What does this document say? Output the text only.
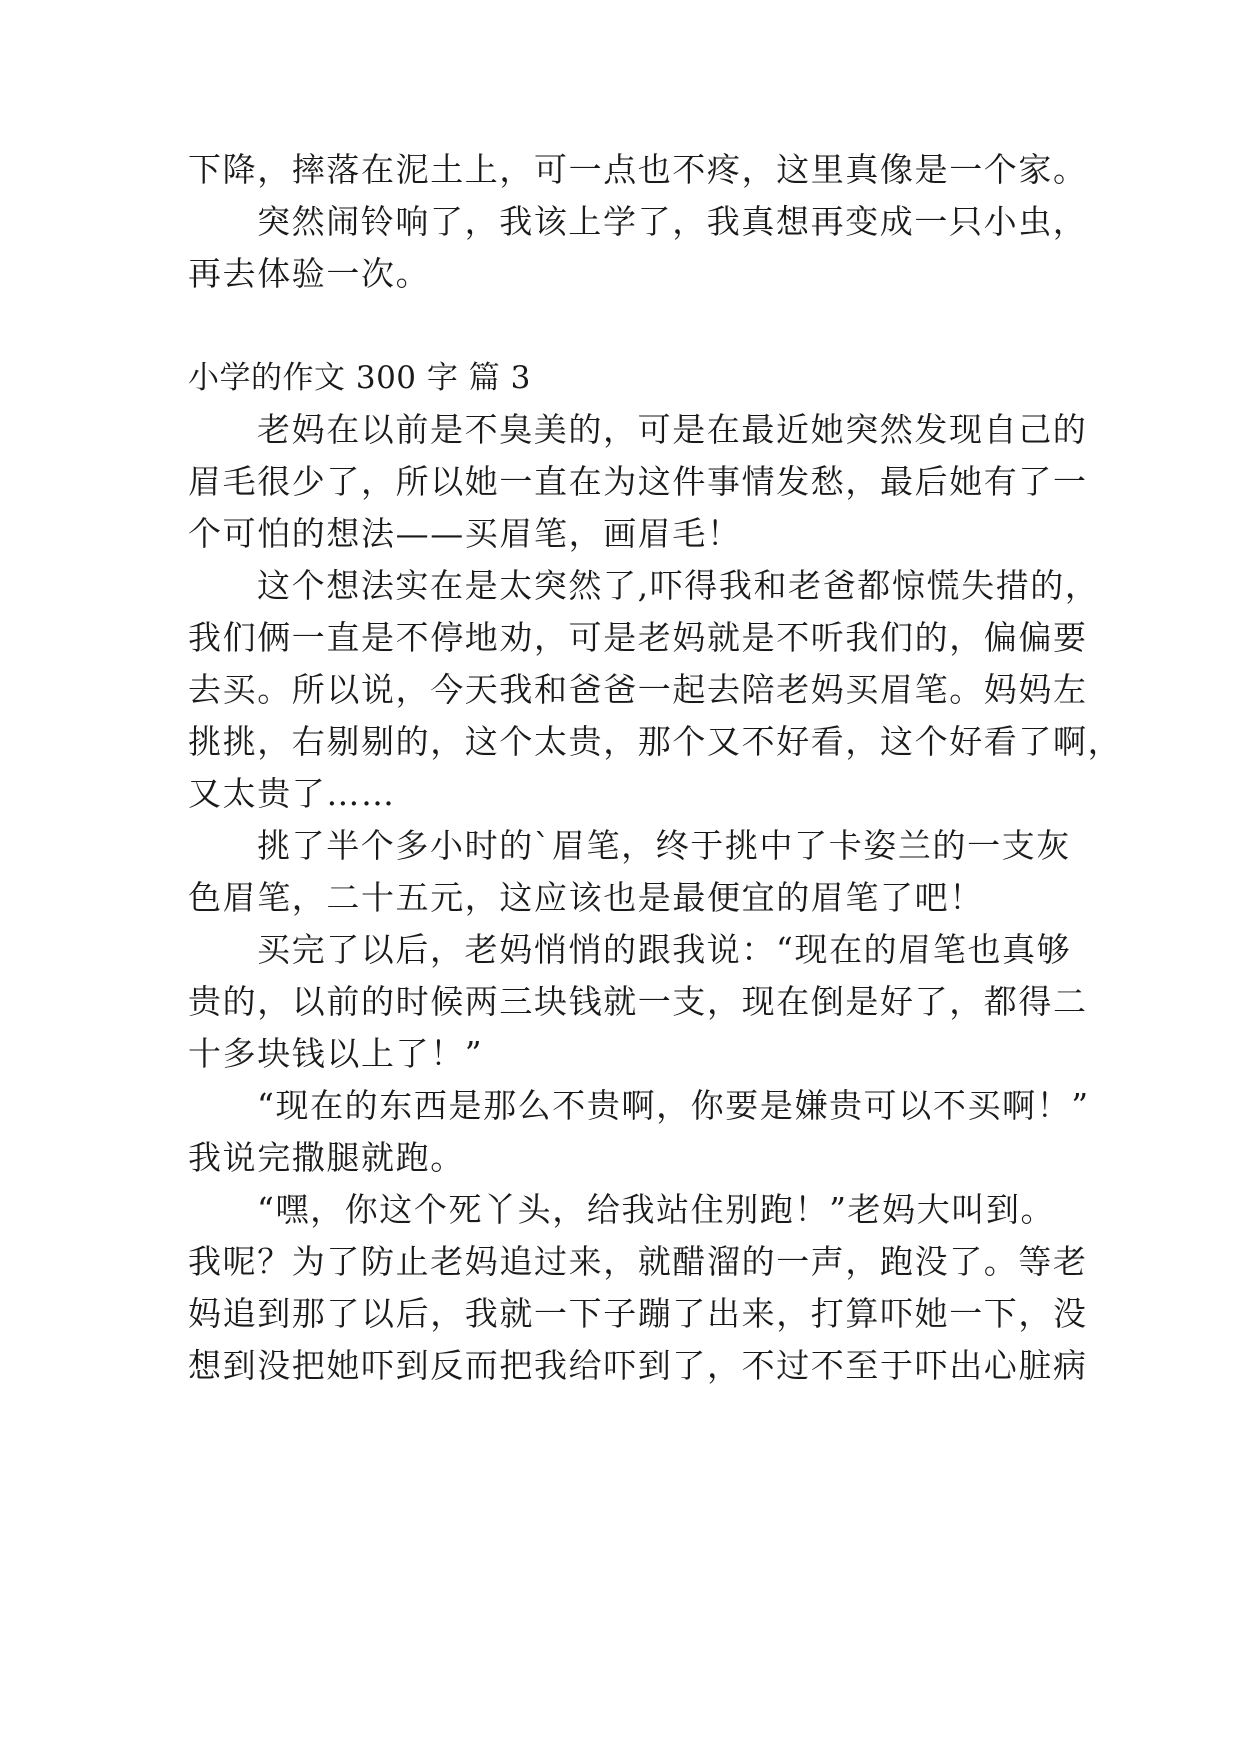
下降，摔落在泥土上，可一点也不疼，这里真像是一个家。

突然闹铃响了，我该上学了，我真想再变成一只小虫，

再去体验一次。

小学的作文 300 字 篇 3

老妈在以前是不臭美的，可是在最近她突然发现自己的

眉毛很少了，所以她一直在为这件事情发愁，最后她有了一

个可怕的想法——买眉笔，画眉毛！

这个想法实在是太突然了,吓得我和老爸都惊慌失措的，

我们俩一直是不停地劝，可是老妈就是不听我们的，偏偏要

去买。所以说，今天我和爸爸一起去陪老妈买眉笔。妈妈左

挑挑，右剔剔的，这个太贵，那个又不好看，这个好看了啊，

又太贵了……

挑了半个多小时的`眉笔，终于挑中了卡姿兰的一支灰

色眉笔，二十五元，这应该也是最便宜的眉笔了吧！

买完了以后，老妈悄悄的跟我说：“现在的眉笔也真够

贵的，以前的时候两三块钱就一支，现在倒是好了，都得二

十多块钱以上了！”

“现在的东西是那么不贵啊，你要是嫌贵可以不买啊！”

我说完撒腿就跑。

“嘿，你这个死丫头，给我站住别跑！”老妈大叫到。

我呢？为了防止老妈追过来，就醋溜的一声，跑没了。等老

妈追到那了以后，我就一下子蹦了出来，打算吓她一下，没

想到没把她吓到反而把我给吓到了，不过不至于吓出心脏病
